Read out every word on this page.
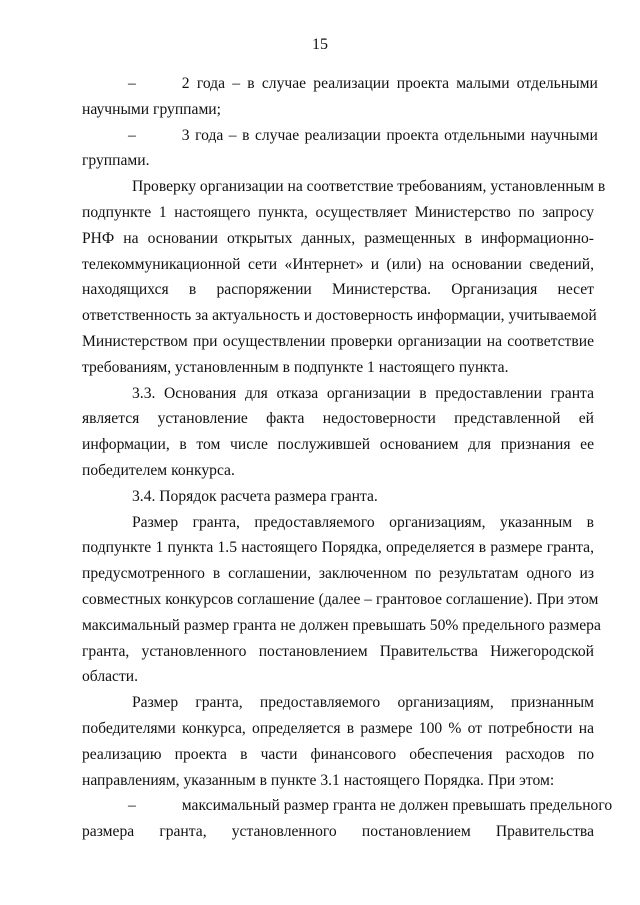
15
–	2 года – в случае реализации проекта малыми отдельными
научными группами;
–	3 года – в случае реализации проекта отдельными научными
группами.
Проверку организации на соответствие требованиям, установленным в
подпункте 1 настоящего пункта, осуществляет Министерство по запросу
РНФ на основании открытых данных, размещенных в информационно-
телекоммуникационной сети «Интернет» и (или) на основании сведений,
находящихся в распоряжении Министерства. Организация несет
ответственность за актуальность и достоверность информации, учитываемой
Министерством при осуществлении проверки организации на соответствие
требованиям, установленным в подпункте 1 настоящего пункта.
3.3. Основания для отказа организации в предоставлении гранта
является установление факта недостоверности представленной ей
информации, в том числе послужившей основанием для признания ее
победителем конкурса.
3.4. Порядок расчета размера гранта.
Размер гранта, предоставляемого организациям, указанным в
подпункте 1 пункта 1.5 настоящего Порядка, определяется в размере гранта,
предусмотренного в соглашении, заключенном по результатам одного из
совместных конкурсов соглашение (далее – грантовое соглашение). При этом
максимальный размер гранта не должен превышать 50% предельного размера
гранта, установленного постановлением Правительства Нижегородской
области.
Размер гранта, предоставляемого организациям, признанным
победителями конкурса, определяется в размере 100 % от потребности на
реализацию проекта в части финансового обеспечения расходов по
направлениям, указанным в пункте 3.1 настоящего Порядка. При этом:
–	максимальный размер гранта не должен превышать предельного
размера гранта, установленного постановлением Правительства
